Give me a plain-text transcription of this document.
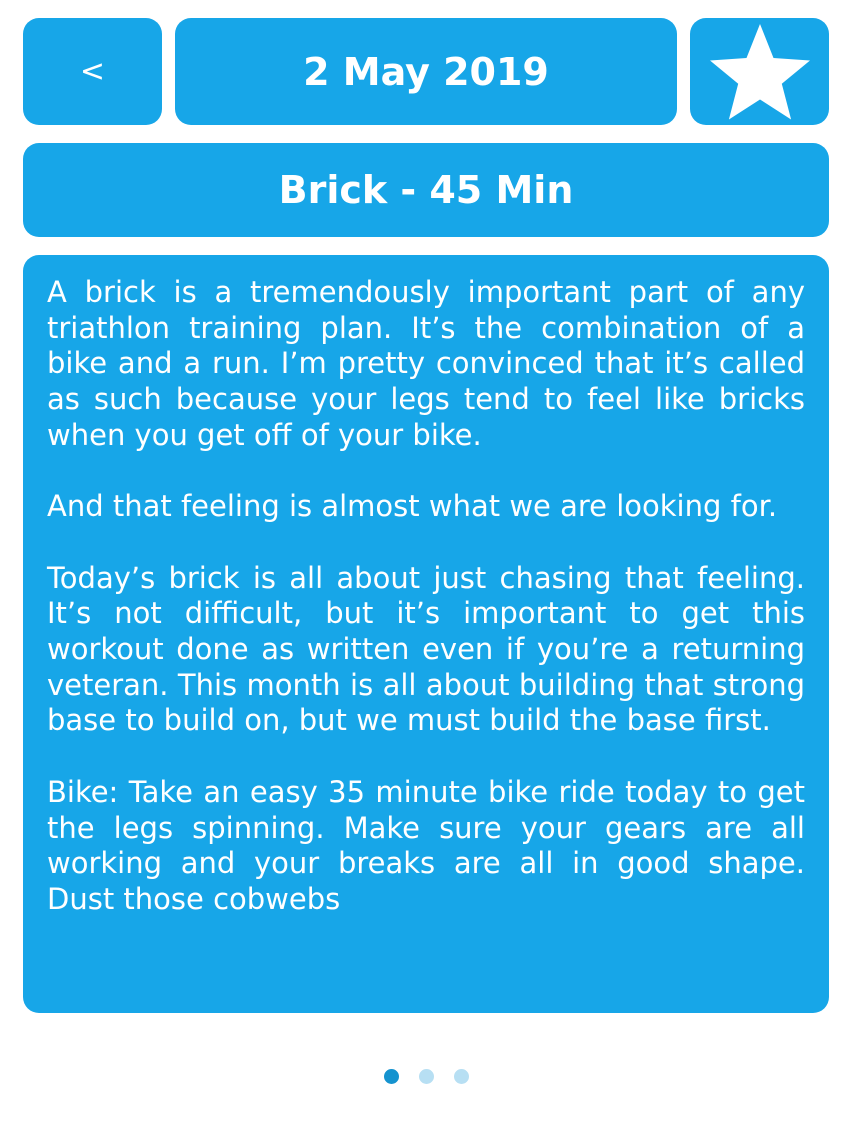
<	2 May 2019
Brick - 45 Min

A brick is a tremendously important part of any triathlon training plan. It’s the combination of a bike and a run. I’m pretty convinced that it’s called as such because your legs tend to feel like bricks when you get off of your bike.

And that feeling is almost what we are looking for.

Today’s brick is all about just chasing that feeling. It’s not difficult, but it’s important to get this workout done as written even if you’re a returning veteran. This month is all about building that strong base to build on, but we must build the base first.

Bike: Take an easy 35 minute bike ride today to get the legs spinning. Make sure your gears are all working and your breaks are all in good shape. Dust those cobwebs
